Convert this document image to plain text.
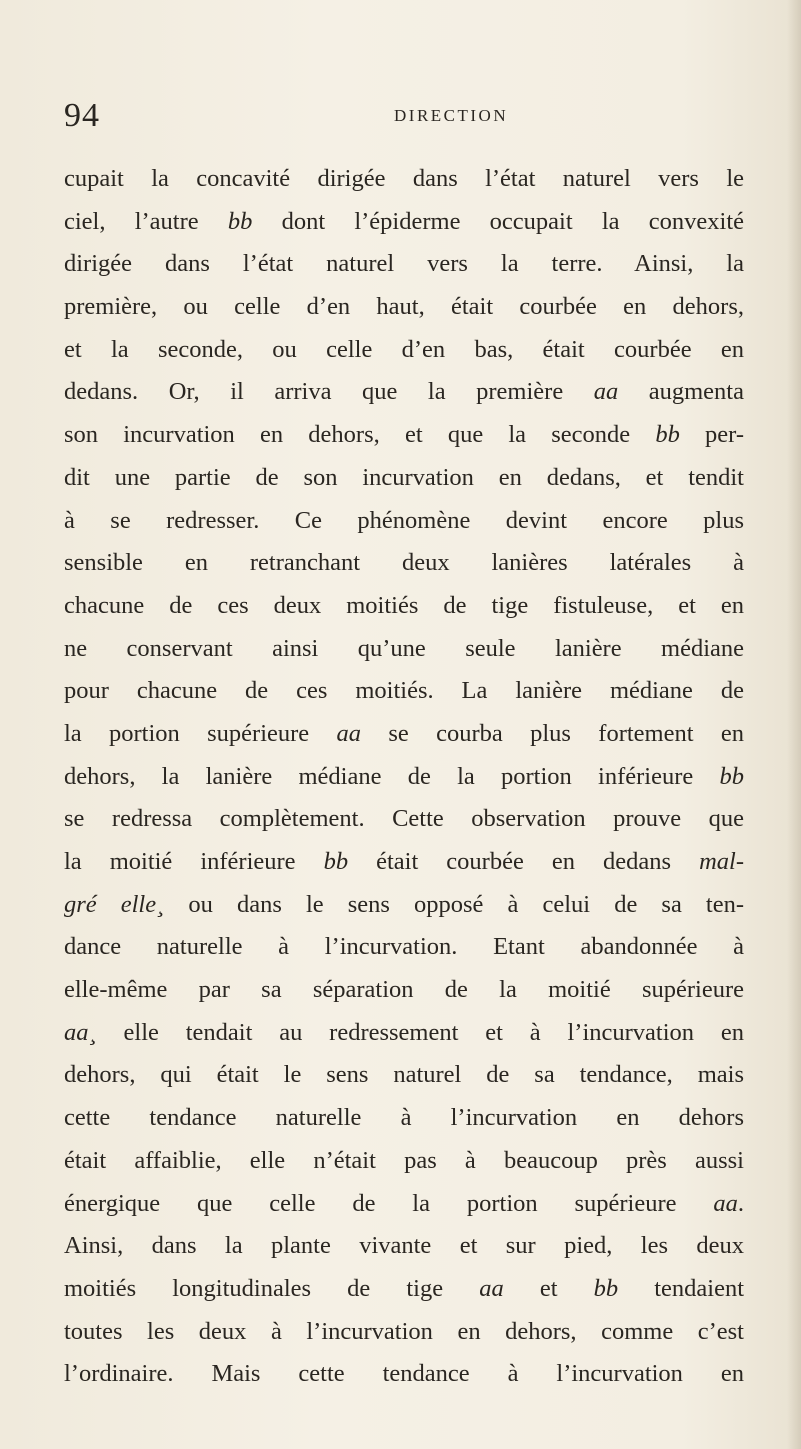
94	DIRECTION
cupait la concavité dirigée dans l’état naturel vers le
ciel, l’autre bb dont l’épiderme occupait la convexité
dirigée dans l’état naturel vers la terre. Ainsi, la
première, ou celle d’en haut, était courbée en dehors,
et la seconde, ou celle d’en bas, était courbée en
dedans. Or, il arriva que la première aa augmenta
son incurvation en dehors, et que la seconde bb per-
dit une partie de son incurvation en dedans, et tendit
à se redresser. Ce phénomène devint encore plus
sensible en retranchant deux lanières latérales à
chacune de ces deux moitiés de tige fistuleuse, et en
ne conservant ainsi qu’une seule lanière médiane
pour chacune de ces moitiés. La lanière médiane de
la portion supérieure aa se courba plus fortement en
dehors, la lanière médiane de la portion inférieure bb
se redressa complètement. Cette observation prouve que
la moitié inférieure bb était courbée en dedans mal-
gré elle¸ ou dans le sens opposé à celui de sa ten-
dance naturelle à l’incurvation. Etant abandonnée à
elle-même par sa séparation de la moitié supérieure
aa¸ elle tendait au redressement et à l’incurvation en
dehors, qui était le sens naturel de sa tendance, mais
cette tendance naturelle à l’incurvation en dehors
était affaiblie, elle n’était pas à beaucoup près aussi
énergique que celle de la portion supérieure aa.
Ainsi, dans la plante vivante et sur pied, les deux
moitiés longitudinales de tige aa et bb tendaient
toutes les deux à l’incurvation en dehors, comme c’est
l’ordinaire. Mais cette tendance à l’incurvation en
